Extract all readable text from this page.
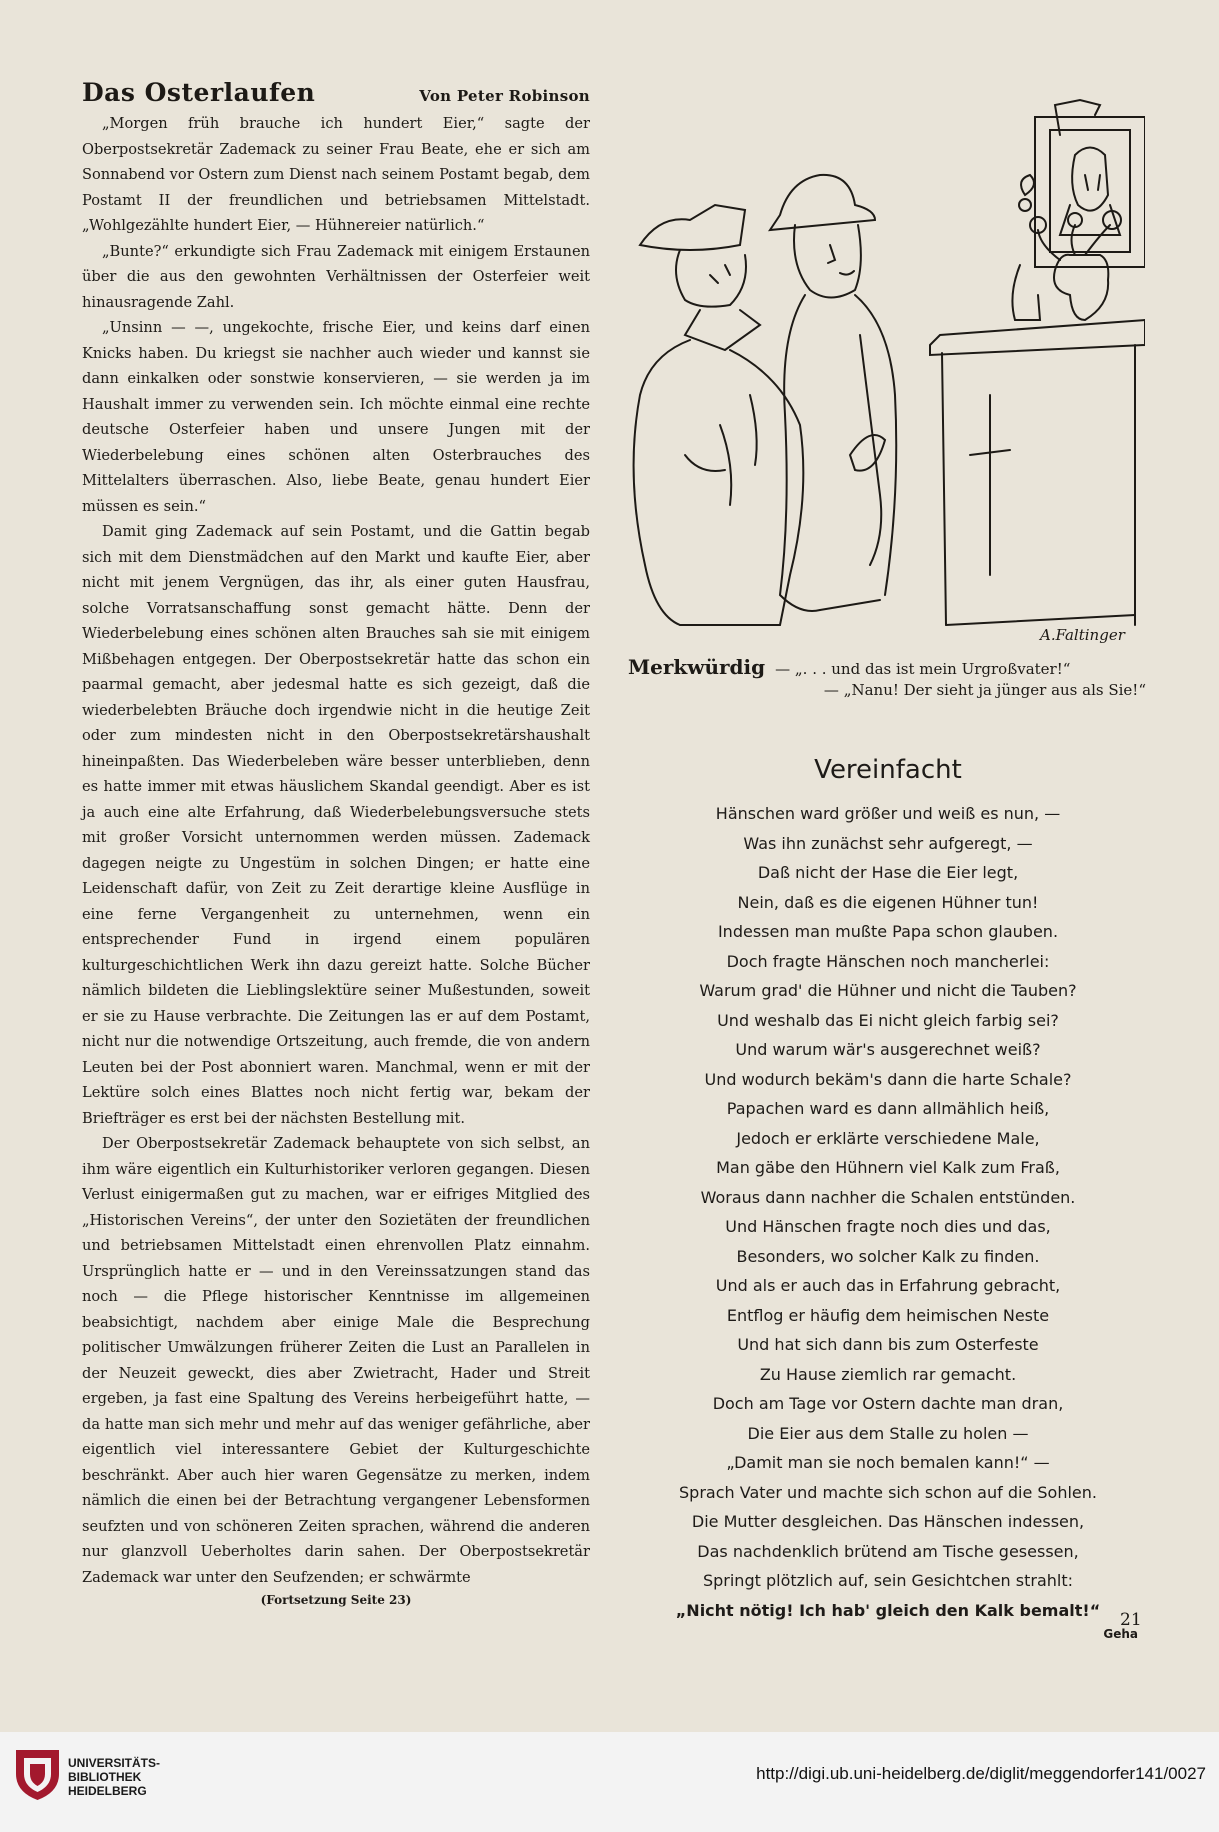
Das Osterlaufen	Von Peter Robinson

„Morgen früh brauche ich hundert Eier,“ sagte der Oberpostsekretär Zademack zu seiner Frau Beate, ehe er sich am Sonnabend vor Ostern zum Dienst nach seinem Postamt begab, dem Postamt II der freundlichen und betriebsamen Mittelstadt. „Wohlgezählte hundert Eier, — Hühnereier natürlich.“

„Bunte?“ erkundigte sich Frau Zademack mit einigem Erstaunen über die aus den gewohnten Verhältnissen der Osterfeier weit hinausragende Zahl.

„Unsinn — —, ungekochte, frische Eier, und keins darf einen Knicks haben. Du kriegst sie nachher auch wieder und kannst sie dann einkalken oder sonstwie konservieren, — sie werden ja im Haushalt immer zu verwenden sein. Ich möchte einmal eine rechte deutsche Osterfeier haben und unsere Jungen mit der Wiederbelebung eines schönen alten Osterbrauches des Mittelalters überraschen. Also, liebe Beate, genau hundert Eier müssen es sein.“

Damit ging Zademack auf sein Postamt, und die Gattin begab sich mit dem Dienstmädchen auf den Markt und kaufte Eier, aber nicht mit jenem Vergnügen, das ihr, als einer guten Hausfrau, solche Vorratsanschaffung sonst gemacht hätte. Denn der Wiederbelebung eines schönen alten Brauches sah sie mit einigem Mißbehagen entgegen. Der Oberpostsekretär hatte das schon ein paarmal gemacht, aber jedesmal hatte es sich gezeigt, daß die wiederbelebten Bräuche doch irgendwie nicht in die heutige Zeit oder zum mindesten nicht in den Oberpostsekretärshaushalt hineinpaßten. Das Wiederbeleben wäre besser unterblieben, denn es hatte immer mit etwas häuslichem Skandal geendigt. Aber es ist ja auch eine alte Erfahrung, daß Wiederbelebungsversuche stets mit großer Vorsicht unternommen werden müssen. Zademack dagegen neigte zu Ungestüm in solchen Dingen; er hatte eine Leidenschaft dafür, von Zeit zu Zeit derartige kleine Ausflüge in eine ferne Vergangenheit zu unternehmen, wenn ein entsprechender Fund in irgend einem populären kulturgeschichtlichen Werk ihn dazu gereizt hatte. Solche Bücher nämlich bildeten die Lieblingslektüre seiner Mußestunden, soweit er sie zu Hause verbrachte. Die Zeitungen las er auf dem Postamt, nicht nur die notwendige Ortszeitung, auch fremde, die von andern Leuten bei der Post abonniert waren. Manchmal, wenn er mit der Lektüre solch eines Blattes noch nicht fertig war, bekam der Briefträger es erst bei der nächsten Bestellung mit.

Der Oberpostsekretär Zademack behauptete von sich selbst, an ihm wäre eigentlich ein Kulturhistoriker verloren gegangen. Diesen Verlust einigermaßen gut zu machen, war er eifriges Mitglied des „Historischen Vereins“, der unter den Sozietäten der freundlichen und betriebsamen Mittelstadt einen ehrenvollen Platz einnahm. Ursprünglich hatte er — und in den Vereinssatzungen stand das noch — die Pflege historischer Kenntnisse im allgemeinen beabsichtigt, nachdem aber einige Male die Besprechung politischer Umwälzungen früherer Zeiten die Lust an Parallelen in der Neuzeit geweckt, dies aber Zwietracht, Hader und Streit ergeben, ja fast eine Spaltung des Vereins herbeigeführt hatte, — da hatte man sich mehr und mehr auf das weniger gefährliche, aber eigentlich viel interessantere Gebiet der Kulturgeschichte beschränkt. Aber auch hier waren Gegensätze zu merken, indem nämlich die einen bei der Betrachtung vergangener Lebensformen seufzten und von schöneren Zeiten sprachen, während die anderen nur glanzvoll Ueberholtes darin sahen. Der Oberpostsekretär Zademack war unter den Seufzenden; er schwärmte

(Fortsetzung Seite 23)
A.Faltinger
Merkwürdig — „. . . und das ist mein Urgroßvater!“
— „Nanu! Der sieht ja jünger aus als Sie!“
Vereinfacht
Hänschen ward größer und weiß es nun, —
Was ihn zunächst sehr aufgeregt, —
Daß nicht der Hase die Eier legt,
Nein, daß es die eigenen Hühner tun!
Indessen man mußte Papa schon glauben.
Doch fragte Hänschen noch mancherlei:
Warum grad' die Hühner und nicht die Tauben?
Und weshalb das Ei nicht gleich farbig sei?
Und warum wär's ausgerechnet weiß?
Und wodurch bekäm's dann die harte Schale?
Papachen ward es dann allmählich heiß,
Jedoch er erklärte verschiedene Male,
Man gäbe den Hühnern viel Kalk zum Fraß,
Woraus dann nachher die Schalen entstünden.
Und Hänschen fragte noch dies und das,
Besonders, wo solcher Kalk zu finden.
Und als er auch das in Erfahrung gebracht,
Entflog er häufig dem heimischen Neste
Und hat sich dann bis zum Osterfeste
Zu Hause ziemlich rar gemacht.
Doch am Tage vor Ostern dachte man dran,
Die Eier aus dem Stalle zu holen —
„Damit man sie noch bemalen kann!“ —
Sprach Vater und machte sich schon auf die Sohlen.
Die Mutter desgleichen. Das Hänschen indessen,
Das nachdenklich brütend am Tische gesessen,
Springt plötzlich auf, sein Gesichtchen strahlt:
„Nicht nötig! Ich hab' gleich den Kalk bemalt!“
Geha
21
UNIVERSITÄTS-
BIBLIOTHEK
HEIDELBERG
http://digi.ub.uni-heidelberg.de/diglit/meggendorfer141/0027
